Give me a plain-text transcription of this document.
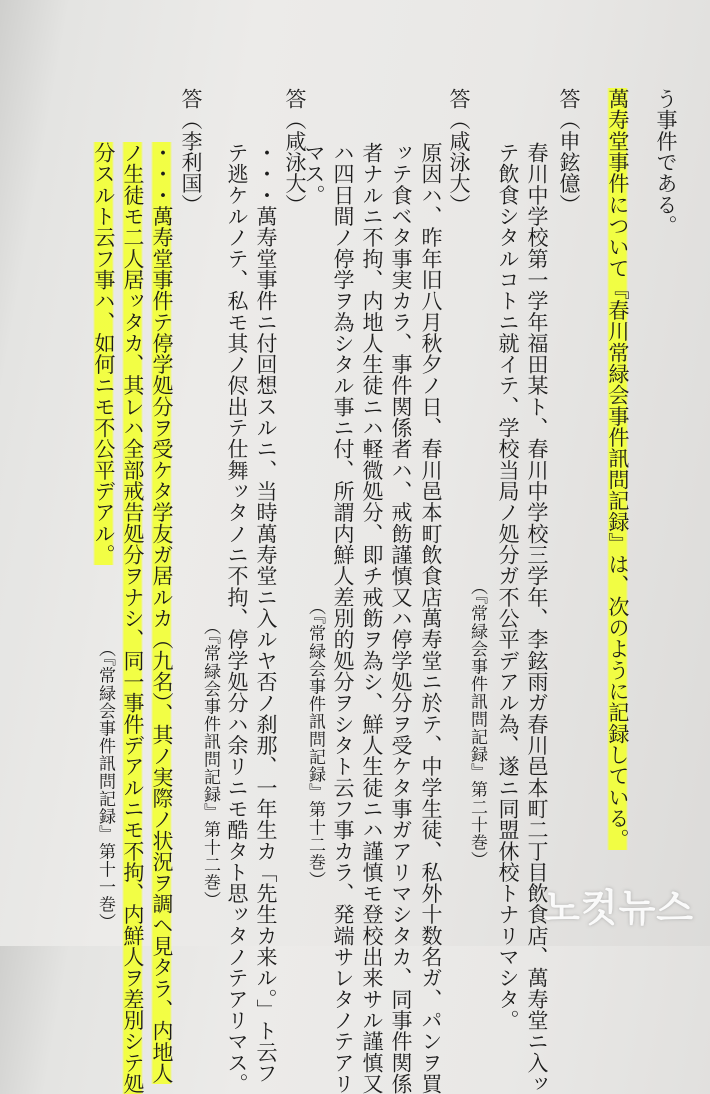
う事件である。
萬寿堂事件について『春川常緑会事件訊問記録』は、次のように記録している。
答（申鉉億）
春川中学校第一学年福田某ト、春川中学校三学年、李鉉雨ガ春川邑本町二丁目飲食店、萬寿堂ニ入ッ
テ飲食シタルコトニ就イテ、学校当局ノ処分ガ不公平デアル為、遂ニ同盟休校トナリマシタ。
（『常緑会事件訊問記録』第二十巻）
答（咸泳大）
原因ハ、昨年旧八月秋夕ノ日、春川邑本町飲食店萬寿堂ニ於テ、中学生徒、私外十数名ガ、パンヲ買
ッテ食ベタ事実カラ、事件関係者ハ、戒飭謹慎又ハ停学処分ヲ受ケタ事ガアリマシタカ、同事件関係
者ナルニ不拘、内地人生徒ニハ軽微処分、即チ戒飭ヲ為シ、鮮人生徒ニハ謹慎モ登校出来サル謹慎又
ハ四日間ノ停学ヲ為シタル事ニ付、所謂内鮮人差別的処分ヲシタト云フ事カラ、発端サレタノテアリ
マス。
（『常緑会事件訊問記録』第十二巻）
答（咸泳大）
・・・萬寿堂事件ニ付回想スルニ、当時萬寿堂ニ入ルヤ否ノ刹那、一年生カ「先生カ来ル。」ト云フ
テ逃ケルノテ、私モ其ノ侭出テ仕舞ッタノニ不拘、停学処分ハ余リニモ酷タト思ッタノテアリマス。
（『常緑会事件訊問記録』第十二巻）
答（李利国）
・・・萬寿堂事件テ停学処分ヲ受ケタ学友ガ居ルカ（九名）、其ノ実際ノ状況ヲ調ヘ見タラ、内地人
ノ生徒モ二人居ッタカ、其レハ全部戒告処分ヲナシ、同一事件デアルニモ不拘、内鮮人ヲ差別シテ処
分スルト云フ事ハ、如何ニモ不公平デアル。
（『常緑会事件訊問記録』第十一巻）	노컷뉴스
